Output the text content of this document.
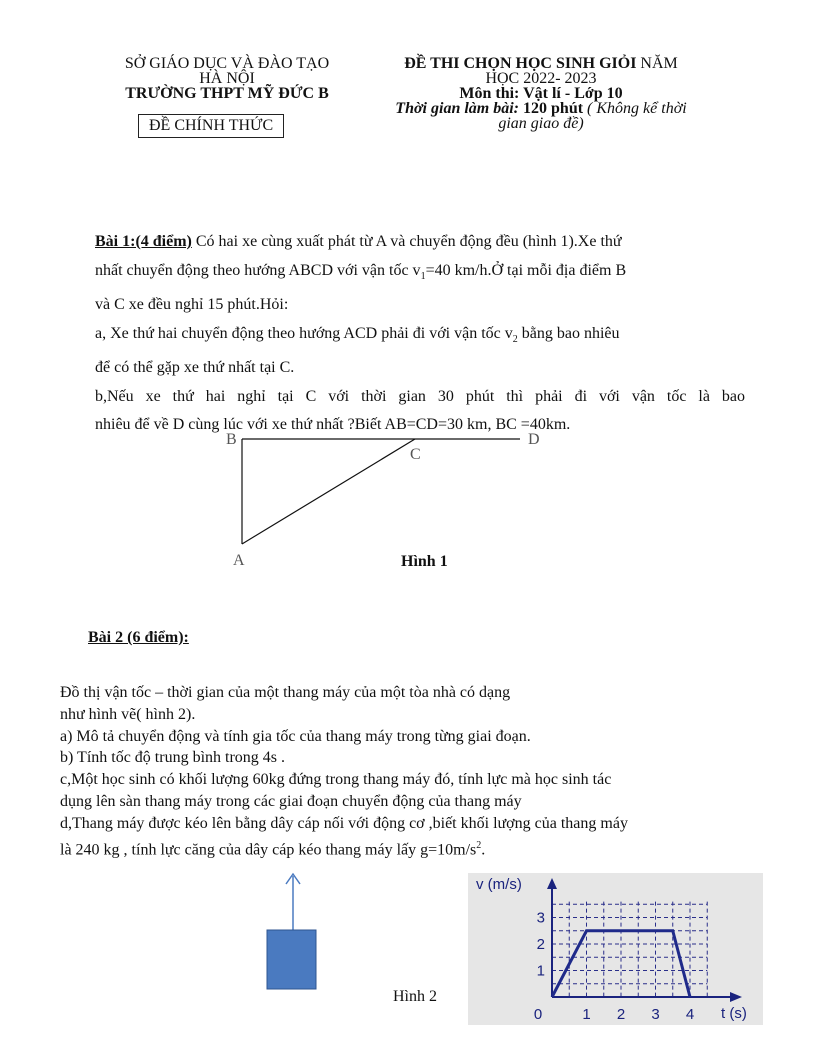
SỞ GIÁO DỤC VÀ ĐÀO TẠO
HÀ NỘI
TRƯỜNG THPT MỸ ĐỨC B
ĐỀ CHÍNH THỨC
ĐỀ THI CHỌN HỌC SINH GIỎI NĂM
HỌC 2022- 2023
Môn thi: Vật lí - Lớp 10
Thời gian làm bài: 120 phút ( Không kể thời
gian giao đề)
Bài 1:(4 điểm) Có hai xe cùng xuất phát từ A và chuyển động đều (hình 1).Xe thứ
nhất chuyển động theo hướng ABCD với vận tốc $v_1=40$ km/h.Ở tại mỗi địa điểm B
và C xe đều nghỉ 15 phút.Hỏi:
a, Xe thứ hai chuyển động theo hướng ACD phải đi với vận tốc $v_2$ bằng bao nhiêu
để có thể gặp xe thứ nhất tại C.
b,Nếu xe thứ hai nghỉ tại C với thời gian 30 phút thì phải đi với vận tốc là bao
nhiêu để về D cùng lúc với xe thứ nhất ?Biết AB=CD=30 km, BC =40km.
B	D
C
A	Hình 1
Bài 2 (6 điểm):
Đồ thị vận tốc – thời gian của một thang máy của một tòa nhà có dạng
như hình vẽ( hình 2).
a) Mô tả chuyển động và tính gia tốc của thang máy trong từng giai đoạn.
b) Tính tốc độ trung bình trong 4s .
c,Một học sinh có khối lượng 60kg đứng trong thang máy đó, tính lực mà học sinh tác
dụng lên sàn thang máy trong các giai đoạn chuyển động của thang máy
d,Thang máy được kéo lên bằng dây cáp nối với động cơ ,biết khối lượng của thang máy
là 240 kg , tính lực căng của dây cáp kéo thang máy lấy $g=10m/s^2$.
Hình 2
0	1 2 3 4
1
2
3
v (m/s)
t (s)
